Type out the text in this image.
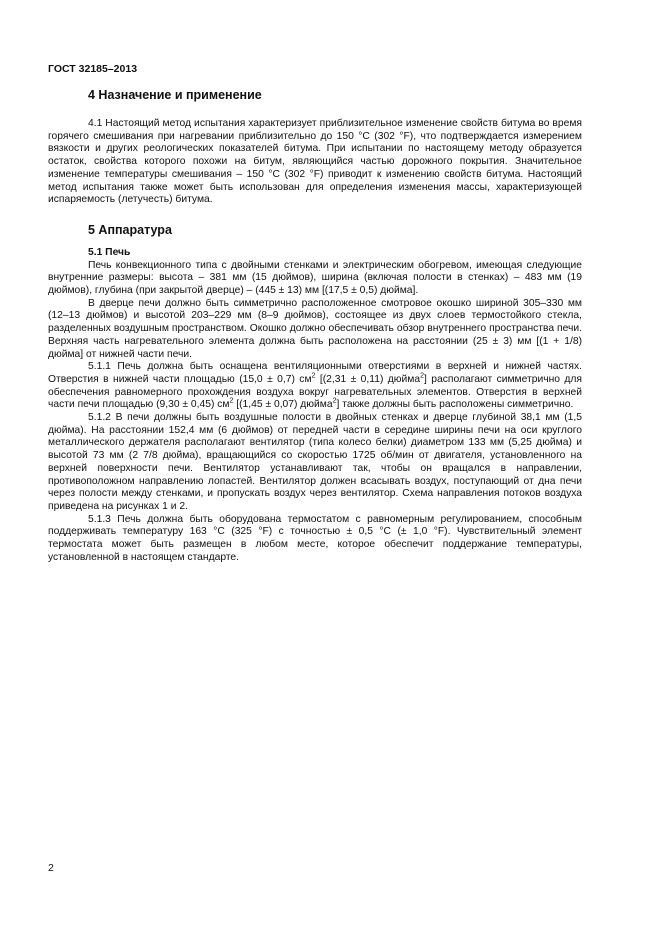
ГОСТ 32185–2013
4 Назначение и применение

4.1 Настоящий метод испытания характеризует приблизительное изменение свойств битума во время горячего смешивания при нагревании приблизительно до 150 °С (302 °F), что подтверждается измерением вязкости и других реологических показателей битума. При испытании по настоящему методу образуется остаток, свойства которого похожи на битум, являющийся частью дорожного покрытия. Значительное изменение температуры смешивания – 150 °С (302 °F) приводит к изменению свойств битума. Настоящий метод испытания также может быть использован для определения изменения массы, характеризующей испаряемость (летучесть) битума.

5 Аппаратура
5.1 Печь

Печь конвекционного типа с двойными стенками и электрическим обогревом, имеющая следующие внутренние размеры: высота – 381 мм (15 дюймов), ширина (включая полости в стенках) – 483 мм (19 дюймов), глубина (при закрытой дверце) – (445 ± 13) мм [(17,5 ± 0,5) дюйма].

В дверце печи должно быть симметрично расположенное смотровое окошко шириной 305–330 мм (12–13 дюймов) и высотой 203–229 мм (8–9 дюймов), состоящее из двух слоев термостойкого стекла, разделенных воздушным пространством. Окошко должно обеспечивать обзор внутреннего пространства печи. Верхняя часть нагревательного элемента должна быть расположена на расстоянии (25 ± 3) мм [(1 + 1/8) дюйма] от нижней части печи.

5.1.1 Печь должна быть оснащена вентиляционными отверстиями в верхней и нижней частях. Отверстия в нижней части площадью (15,0 ± 0,7) $см^2$ [(2,31 ± 0,11) дюйма$^2$] располагают симметрично для обеспечения равномерного прохождения воздуха вокруг нагревательных элементов. Отверстия в верхней части печи площадью (9,30 ± 0,45) $см^2$ [(1,45 ± 0,07) дюйма$^2$] также должны быть расположены симметрично.

5.1.2 В печи должны быть воздушные полости в двойных стенках и дверце глубиной 38,1 мм (1,5 дюйма). На расстоянии 152,4 мм (6 дюймов) от передней части в середине ширины печи на оси круглого металлического держателя располагают вентилятор (типа колесо белки) диаметром 133 мм (5,25 дюйма) и высотой 73 мм (2 7/8 дюйма), вращающийся со скоростью 1725 об/мин от двигателя, установленного на верхней поверхности печи. Вентилятор устанавливают так, чтобы он вращался в направлении, противоположном направлению лопастей. Вентилятор должен всасывать воздух, поступающий от дна печи через полости между стенками, и пропускать воздух через вентилятор. Схема направления потоков воздуха приведена на рисунках 1 и 2.

5.1.3 Печь должна быть оборудована термостатом с равномерным регулированием, способным поддерживать температуру 163 °С (325 °F) с точностью ± 0,5 °С (± 1,0 °F). Чувствительный элемент термостата может быть размещен в любом месте, которое обеспечит поддержание температуры, установленной в настоящем стандарте.

2
